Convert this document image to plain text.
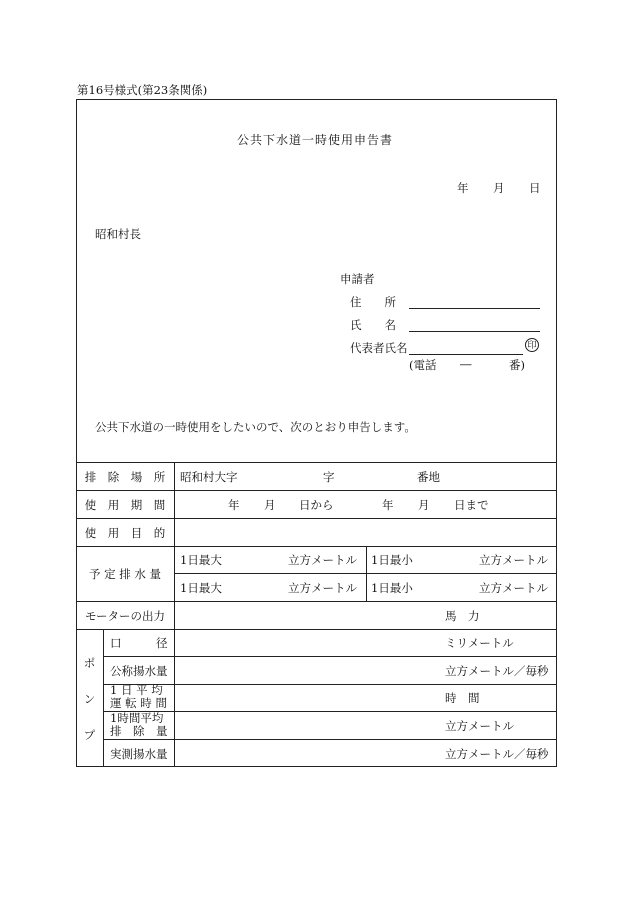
第16号様式(第23条関係)
公共下水道一時使用申告書
年 月 日
昭和村長
申請者
住　　所
氏　　名
代表者氏名	印
(電話 ―	番)
公共下水道の一時使用をしたいので、次のとおり申告します。
排　除　場　所	昭和村大字	字	番地
使　用　期　間	年 月 日から	年 月 日まで
使　用　目　的
予 定 排 水 量
1日最大	立方メートル 1日最小	立方メートル
1日最大	立方メートル 1日最小	立方メートル
モーターの出力	馬　力
ポ
ン
プ
口　　　径	ミリメートル
公称揚水量	立方メートル／毎秒
1 日 平 均
運 転 時 間	時　間
1時間平均
排　除　量	立方メートル
実測揚水量	立方メートル／毎秒
